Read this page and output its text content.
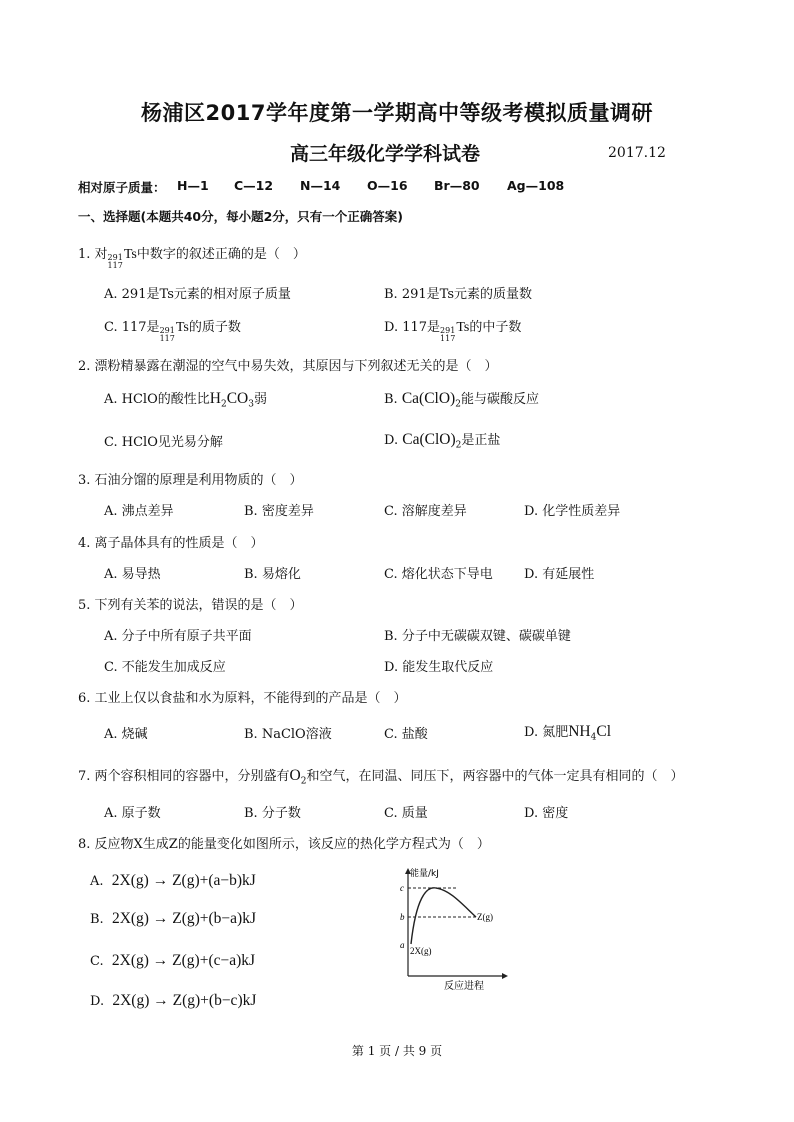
杨浦区2017学年度第一学期高中等级考模拟质量调研
高三年级化学学科试卷	2017.12
相对原子质量： H—1 C—12 N—14 O—16 Br—80 Ag—108
一、选择题(本题共40分，每小题2分，只有一个正确答案)
1. 对 291
117
Ts中数字的叙述正确的是（　）
A. 291是Ts元素的相对原子质量	B. 291是Ts元素的质量数
C. 117是 291
117
Ts的质子数	D. 117是 291
117
Ts的中子数
2. 漂粉精暴露在潮湿的空气中易失效，其原因与下列叙述无关的是（　）
A. HClO的酸性比$H_2CO_3$弱	B. $Ca(ClO)_2$能与碳酸反应
C. HClO见光易分解	D. $Ca(ClO)_2$是正盐
3. 石油分馏的原理是利用物质的（　）
A. 沸点差异	B. 密度差异	C. 溶解度差异	D. 化学性质差异
4. 离子晶体具有的性质是（　）
A. 易导热	B. 易熔化	C. 熔化状态下导电 D. 有延展性
5. 下列有关苯的说法，错误的是（　）
A. 分子中所有原子共平面	B. 分子中无碳碳双键、碳碳单键
C. 不能发生加成反应	D. 能发生取代反应
6. 工业上仅以食盐和水为原料，不能得到的产品是（　）
A. 烧碱	B. NaClO溶液	C. 盐酸	D. 氮肥$NH_4Cl$
7. 两个容积相同的容器中，分别盛有$O_2$和空气，在同温、同压下，两容器中的气体一定具有相同的（　）
A. 原子数	B. 分子数	C. 质量	D. 密度
8. 反应物X生成Z的能量变化如图所示，该反应的热化学方程式为（　）
A. 2X(g) → Z(g)+(a−b)kJ
B. 2X(g) → Z(g)+(b−a)kJ
C. 2X(g) → Z(g)+(c−a)kJ
D. 2X(g) → Z(g)+(b−c)kJ
能量/kJ
c
b
a
2X(g)
Z(g)
反应进程
第 1 页 / 共 9 页
